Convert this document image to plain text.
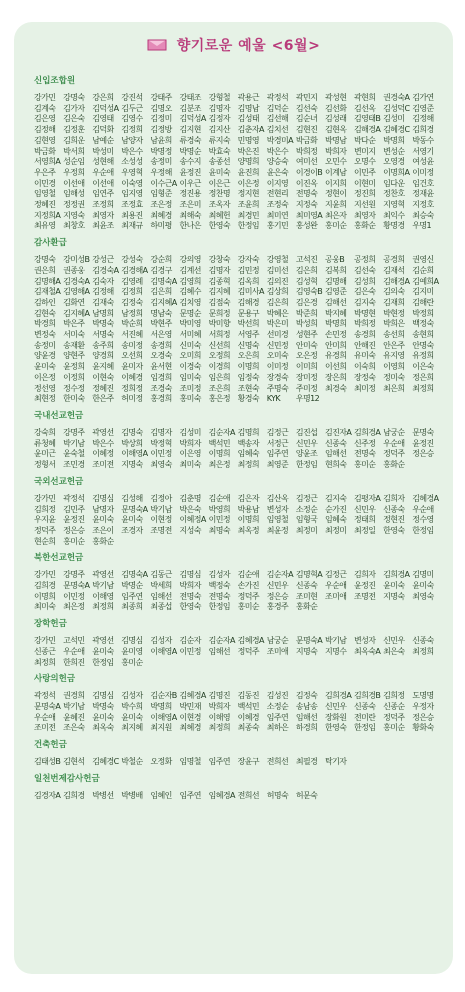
향기로운 예울 <6월>
신입조합원
강가민 강명숙 강은희 강진석 강태주 강태조 강형철 곽용근 곽정석 곽민지 곽성현 곽현희 권경숙A 김가연
김계숙 김가자 김덕성A 김두근 김명오 김분조 김명자 김명남 김덕순 김선숙 김선화 김선옥 김성덕C 김영준
김은영 김은숙 김영태 김영수 김정미 김덕성A 김정자 김성태 김선해 김순녀 김성래 김영태B 김성미 김정해
김정해 김정훈 김덕화 김정희 김정방 김지현 김지산 김춘자A 김치선 김현진 김현옥 김해경A 김혜경C 김희경
김현영 김희운 남예순 남양자 남윤희 류경숙 류지숙 민명영 박경미A 박금화 박명남 박다순 박명희 박동수
박금화 박서희 박성미 박은수 박명정 박명순 박효숙 박은진 박은수 박희정 박희자 변미지 변성순 서영기
서영희A 성순임 성현해 소성성 송정미 송수지 송종선 양명희 양승숙 여미선 오민수 오명수 오영경 여성윤
우은주 우정희 우순애 우영혁 우정해 윤정진 윤미숙 윤진희 윤은숙 이경이B 이계남 이민주 이명희A 이미정
이민경 이선애 이선애 이숙영 이수근A 이우근 이은근 이은정 이지영 이진옥 이지희 이현미 임다운 임건호
임영철 임해성 임연주 임지영 임형준 정진용 정찬명 정지현 전현리 전명숙 정현이 정진희 정찬호 정재윤
정혜진 정정권 조정희 조정효 조은정 조은미 조옥자 조윤희 조정숙 지정숙 지윤희 지선원 지영혁 지정호
지정희A 지영숙 최영자 최용진 최혜경 최해숙 최혜헌 최경민 최미연 최미영A 최은자 최영자 최익수 최승숙
최유영 최창호 최윤조 최재규 하미평 한나은 한영숙 한정임 홍기민 홍성완 홍미순 홍화순 황명경 우명1
감사환급
강명숙 강미성B 강성근 강성숙 강순희 강의영 강창숙 강자숙 강영철 고석진 공웅B	공정희 공경희 권영신
권은희 권종웅 김경숙A 김경해A 김경구 김계선 김명자 김민정 김미선 김은희 김복희 김선숙 김재석 김순희
김명해A 김경숙A 김숙자 김영례 김명숙A 김영희 김종혁 김옥희 김의진 김성혁 김명해 김성희 김해경A 김예희A
김재철A 김영해A 김정해 김정희 김은희 김혜수 김지혜 김미사A 김상희 김영숙B 김영준 김은숙 김의숙 김지미
김하인 김화연 김재숙 김정숙 김지혜A 김치영 김점숙 김해경 김은희 김은경 김해선 김지숙 김재희 김해란
김현숙 김지혜A 남명희 남정희 명남숙 문명순 문희정 문용구 박혜은 박준희 박지혜 박명현 박현정 박정희
박경희 박은주 박명숙 박순희 박현주 박미영 박미향 박선희 박은미 박성희 박명희 박희정 박희은 백정숙
변정숙 서미숙 서명숙 서진혜 서은영 서미혜 서희정 서영주 선미경 성현주 손민정 송경희 송선희 송현희
송정미 송재환 송주희 송미정 송경희 신미숙 신선희 신명숙 신민정 안미숙 안미희 안해진 안은주 안명숙
양윤경 양현주 양경희 오선희 오경숙 오미희 오정희 오은희 오미숙 오은정 유경희 유미숙 유지영 유정희
윤미숙 윤정희 윤지혜 윤미자 윤서현 이경숙 이경희 이명희 이미정 이미희 이선희 이숙희 이영희 이은숙
이은정 이정희 이현숙 이혜경 임경희 임미숙 임은희 임정숙 장경숙 장미정 장은희 장정숙 정미숙 정은희
정선영 정수정 정혜진 정희정 조경숙 조미정 조은희 조현숙 주명숙 주미정 최경숙 최미정 최은희 최정희
최현정 한미숙 한은주 허미정 홍경희 홍미숙 홍은정 황경숙 KYK	우명12
국내선교헌금
강숙희 강명주 곽영선 김명숙 김명자 김성미 김순자A 김명희 김정근 김진섭 김진자A 김희경A 남궁순 문명숙
류청혜 박기남 박은수 박상희 박정혁 박희자 백석민 백송자 서정근 신민우 신종숙 신주정 우순애 윤정진
윤미근 윤숙철 이혜정 이해영A 이민정 이은영 이명희 임혜숙 임주연 양윤조 임해선 전명숙 정덕주 정은승
정형서 조민경 조미전 지명숙 최영숙 최미숙 최은정 최정희 최영준 한정임 현희숙 홍미순 홍화순
국외선교헌금
강가민 곽정석 김명심 김성해 김정아 김춘명 김순애 김은자 김산옥 김정근 김지숙 김평자A 김희자 김혜경A
김희정 김민주 남명자 문명숙A 박기남 박은숙 박영희 박용남 변성자 소정순 순가진 신민우 신종숙 우순애
우지윤 윤정진 윤미숙 윤미숙 이현정 이혜정A 이민정 이명희 임영철 임형국 임혜숙 정태희 정현진 정수영
정덕주 정은승 조은이 조경자 조명전 지성숙 최명숙 최옥정 최윤정 최정미 최정미 최정일 한영숙 한정임
현순희 홍미순 홍화순
북한선교헌금
강가민 강명주 곽영선 김명숙A 김동근 김명심 김성자 김순애 김순자A 김명혁A 김정근 김희자 김희경A 김명미
김희경 문명숙A 박기남 박명순 박세희 박희자 백정숙 손가진 신민우 신종숙 우순애 윤정진 윤미숙 윤미숙
이명희 이민정 이해영 임주연 임해선 전명숙 전명숙 정덕주 정은승 조미현 조미애 조명전 지명숙 최영숙
최미숙 최은정 최정희 최종희 최종섭 한영숙 한정임 홍미순 홍경주 홍화순
장학헌금
강가민 고석민 곽영선 김명심 김성자 김순자 김순자A 김혜경A 남궁순 문명숙A 박기남 변성자 신민우 신종숙
신종근 우순애 윤미숙 윤미영 이해영A 이민정 임해선 정덕주 조미애 지명숙 지명수 최옥숙A 최은숙 최정희
최정희 한희진 한정임 홍미순
사랑의헌금
곽정석 권경희 김명심 김성자 김순자B 김혜경A 김명진 김동진 김성진 김정숙 김희경A 김희경B 김희정 도명명
문명숙A 박기남 박명숙 박수희 박명희 박민재 박희자 백석민 소정순 송남송 신민우 신종숙 신종순 우정자
우순애 윤혜진 윤미숙 윤미숙 이해영A 이현경 이해영 이혜경 임주연 임해선 장화원 전미란 정덕주 정은승
조미전 조은숙 최옥숙 최지혜 최지원 최혜경 최정희 최종숙 최하은 하경희 한영숙 한정임 홍미순 황화숙
건축헌금
김태성B 김현석 김혜경C 박철순 오정화 임명철 임주연 장윤구 전희선 최필경 탁기자
일천번제감사헌금
김경자A 김희경 박병선 박병배 임혜인 임주연 임혜경A 전희선 허명숙 허문숙
